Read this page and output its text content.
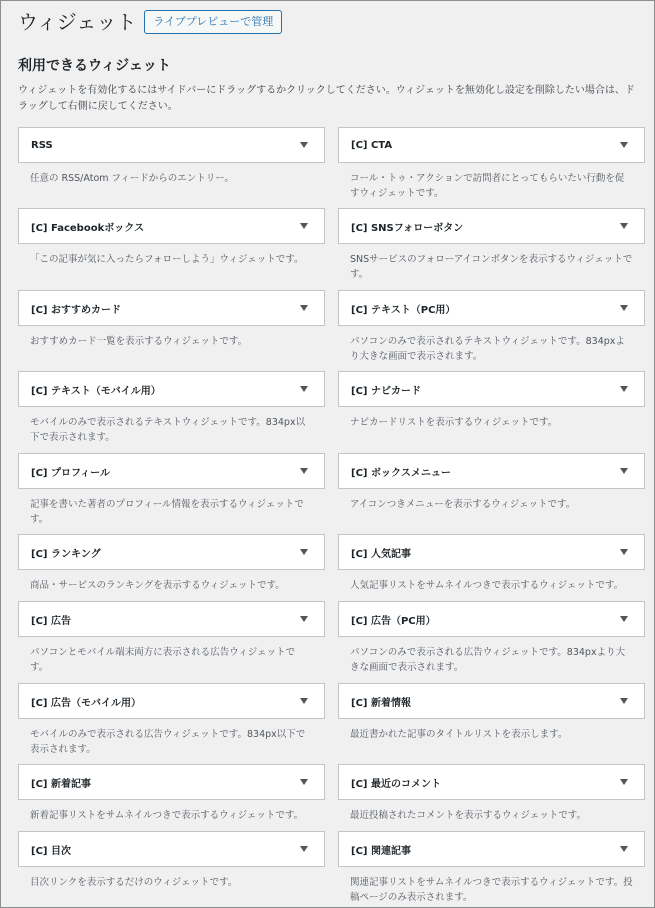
ウィジェット	ライブプレビューで管理
利用できるウィジェット

ウィジェットを有効化するにはサイドバーにドラッグするかクリックしてください。ウィジェットを無効化し設定を削除したい場合は、ドラッグして右側に戻してください。

RSS

任意の RSS/Atom フィードからのエントリー。

[C] CTA

コール・トゥ・アクションで訪問者にとってもらいたい行動を促すウィジェットです。

[C] Facebookボックス

「この記事が気に入ったらフォローしよう」ウィジェットです。

[C] SNSフォローボタン

SNSサービスのフォローアイコンボタンを表示するウィジェットです。

[C] おすすめカード

おすすめカード一覧を表示するウィジェットです。

[C] テキスト（PC用）

パソコンのみで表示されるテキストウィジェットです。834pxより大きな画面で表示されます。

[C] テキスト（モバイル用）

モバイルのみで表示されるテキストウィジェットです。834px以下で表示されます。

[C] ナビカード

ナビカードリストを表示するウィジェットです。

[C] プロフィール

記事を書いた著者のプロフィール情報を表示するウィジェットです。

[C] ボックスメニュー

アイコンつきメニューを表示するウィジェットです。

[C] ランキング

商品・サービスのランキングを表示するウィジェットです。

[C] 人気記事

人気記事リストをサムネイルつきで表示するウィジェットです。

[C] 広告

パソコンとモバイル端末両方に表示される広告ウィジェットです。

[C] 広告（PC用）

パソコンのみで表示される広告ウィジェットです。834pxより大きな画面で表示されます。

[C] 広告（モバイル用）

モバイルのみで表示される広告ウィジェットです。834px以下で表示されます。

[C] 新着情報

最近書かれた記事のタイトルリストを表示します。

[C] 新着記事

新着記事リストをサムネイルつきで表示するウィジェットです。

[C] 最近のコメント

最近投稿されたコメントを表示するウィジェットです。

[C] 目次

目次リンクを表示するだけのウィジェットです。

[C] 関連記事

関連記事リストをサムネイルつきで表示するウィジェットです。投稿ページのみ表示されます。
